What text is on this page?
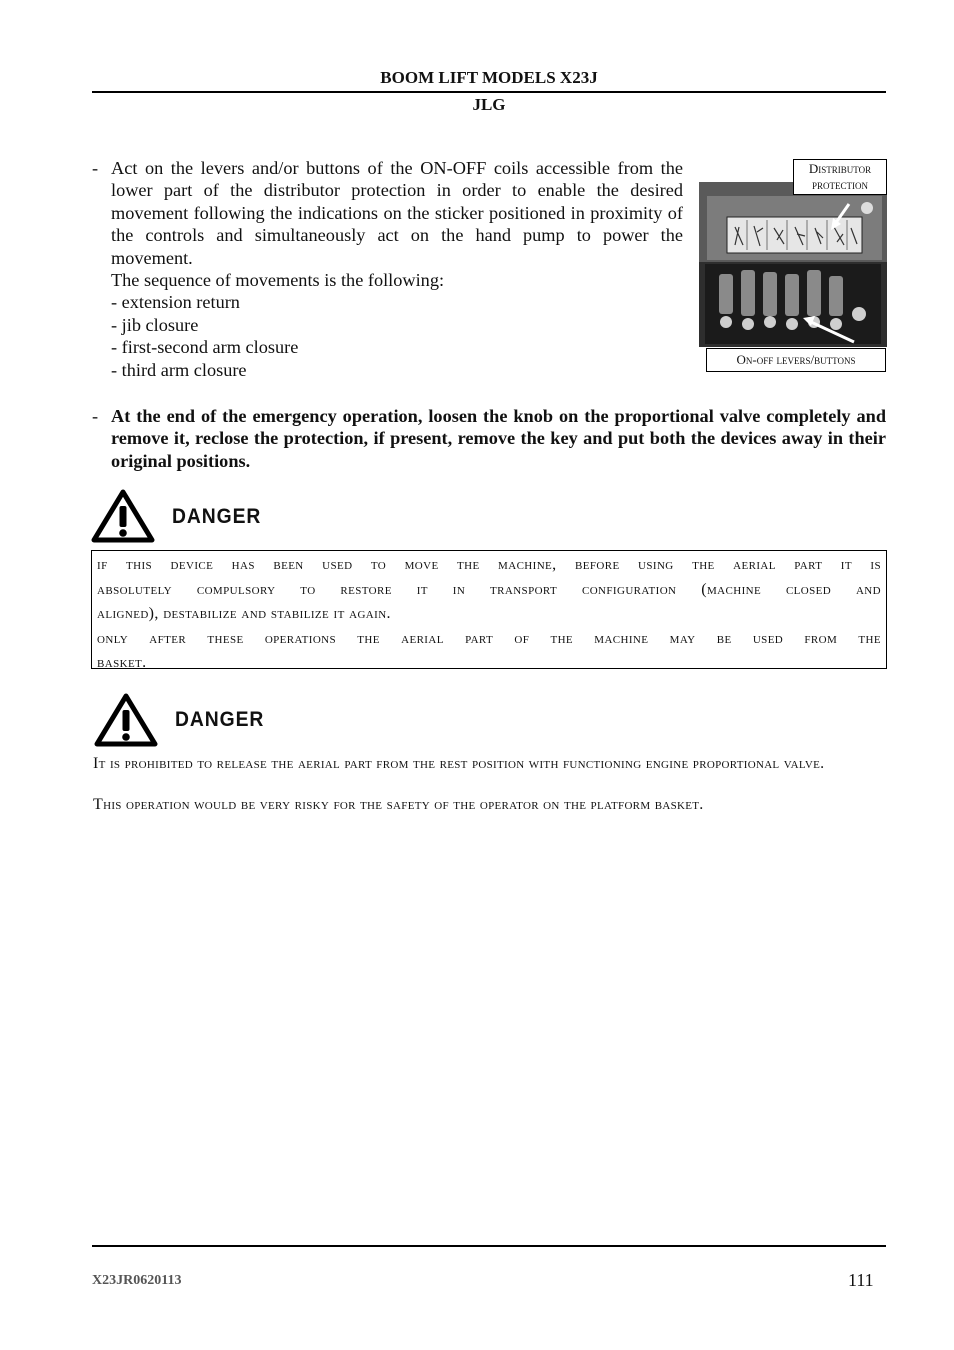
BOOM LIFT MODELS X23J
JLG
- Act on the levers and/or buttons of the ON-OFF coils accessible from the lower part of the distributor protection in order to enable the desired movement following the indications on the sticker positioned in proximity of the controls and simultaneously act on the hand pump to power the movement.
The sequence of movements is the following:
- extension return
- jib closure
- first-second arm closure
- third arm closure
Distributor
protection
On-off levers/buttons
- At the end of the emergency operation, loosen the knob on the proportional valve completely and remove it, reclose the protection, if present, remove the key and put both the devices away in their original positions.
DANGER
if this device has been used to move the machine, before using the aerial part it is
absolutely compulsory to restore it in transport configuration (machine closed and
aligned), destabilize and stabilize it again.
only after these operations the aerial part of the machine may be used from the
basket.
DANGER
It is prohibited to release the aerial part from the rest position with functioning engine proportional valve.
This operation would be very risky for the safety of the operator on the platform basket.
X23JR0620113	111
